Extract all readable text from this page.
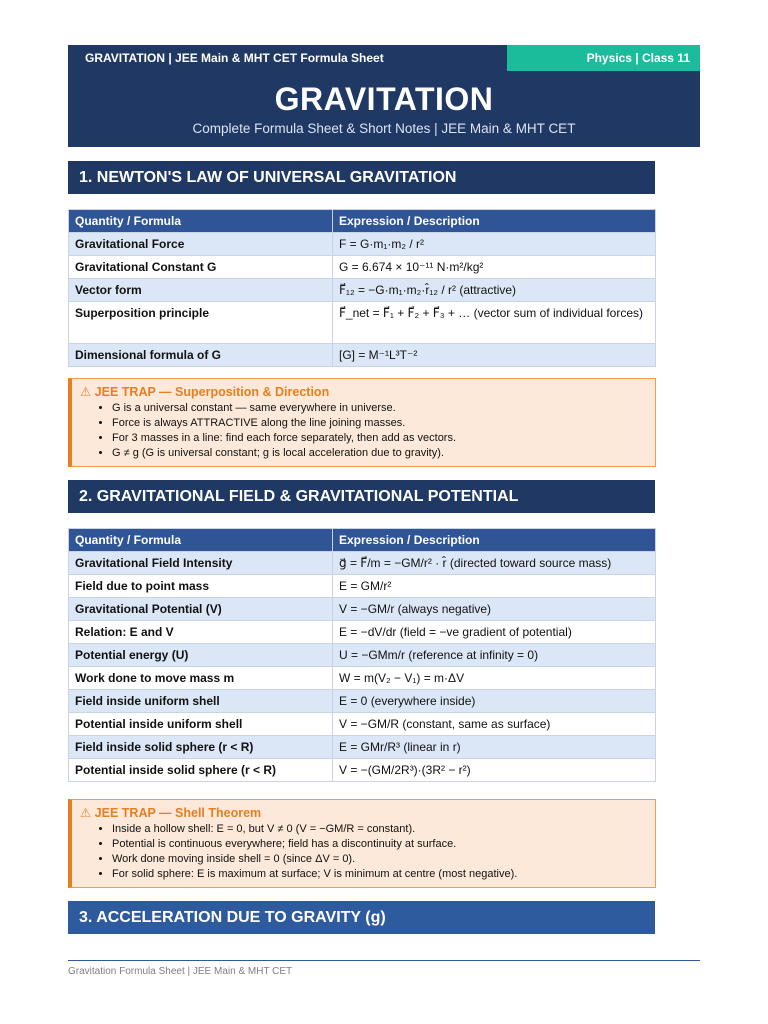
GRAVITATION | JEE Main & MHT CET Formula Sheet	Physics | Class 11
GRAVITATION
Complete Formula Sheet & Short Notes | JEE Main & MHT CET
1. NEWTON'S LAW OF UNIVERSAL GRAVITATION
Quantity / Formula	Expression / Description
Gravitational Force	F = G·m₁·m₂ / r²
Gravitational Constant G	G = 6.674 × 10⁻¹¹ N·m²/kg²
Vector form	F⃗₁₂ = −G·m₁·m₂·r̂₁₂ / r² (attractive)
Superposition principle	F⃗_net = F⃗₁ + F⃗₂ + F⃗₃ + … (vector sum of individual forces)
Dimensional formula of G	[G] = M⁻¹L³T⁻²
⚠ JEE TRAP — Superposition & Direction
• G is a universal constant — same everywhere in universe.
• Force is always ATTRACTIVE along the line joining masses.
• For 3 masses in a line: find each force separately, then add as vectors.
• G ≠ g (G is universal constant; g is local acceleration due to gravity).
2. GRAVITATIONAL FIELD & GRAVITATIONAL POTENTIAL
Quantity / Formula	Expression / Description
Gravitational Field Intensity	g⃗ = F⃗/m = −GM/r² · r̂ (directed toward source mass)
Field due to point mass	E = GM/r²
Gravitational Potential (V)	V = −GM/r (always negative)
Relation: E and V	E = −dV/dr (field = −ve gradient of potential)
Potential energy (U)	U = −GMm/r (reference at infinity = 0)
Work done to move mass m	W = m(V₂ − V₁) = m·ΔV
Field inside uniform shell	E = 0 (everywhere inside)
Potential inside uniform shell	V = −GM/R (constant, same as surface)
Field inside solid sphere (r < R)	E = GMr/R³ (linear in r)
Potential inside solid sphere (r < R)	V = −(GM/2R³)·(3R² − r²)
⚠ JEE TRAP — Shell Theorem
• Inside a hollow shell: E = 0, but V ≠ 0 (V = −GM/R = constant).
• Potential is continuous everywhere; field has a discontinuity at surface.
• Work done moving inside shell = 0 (since ΔV = 0).
• For solid sphere: E is maximum at surface; V is minimum at centre (most negative).
3. ACCELERATION DUE TO GRAVITY (g)
Gravitation Formula Sheet | JEE Main & MHT CET
